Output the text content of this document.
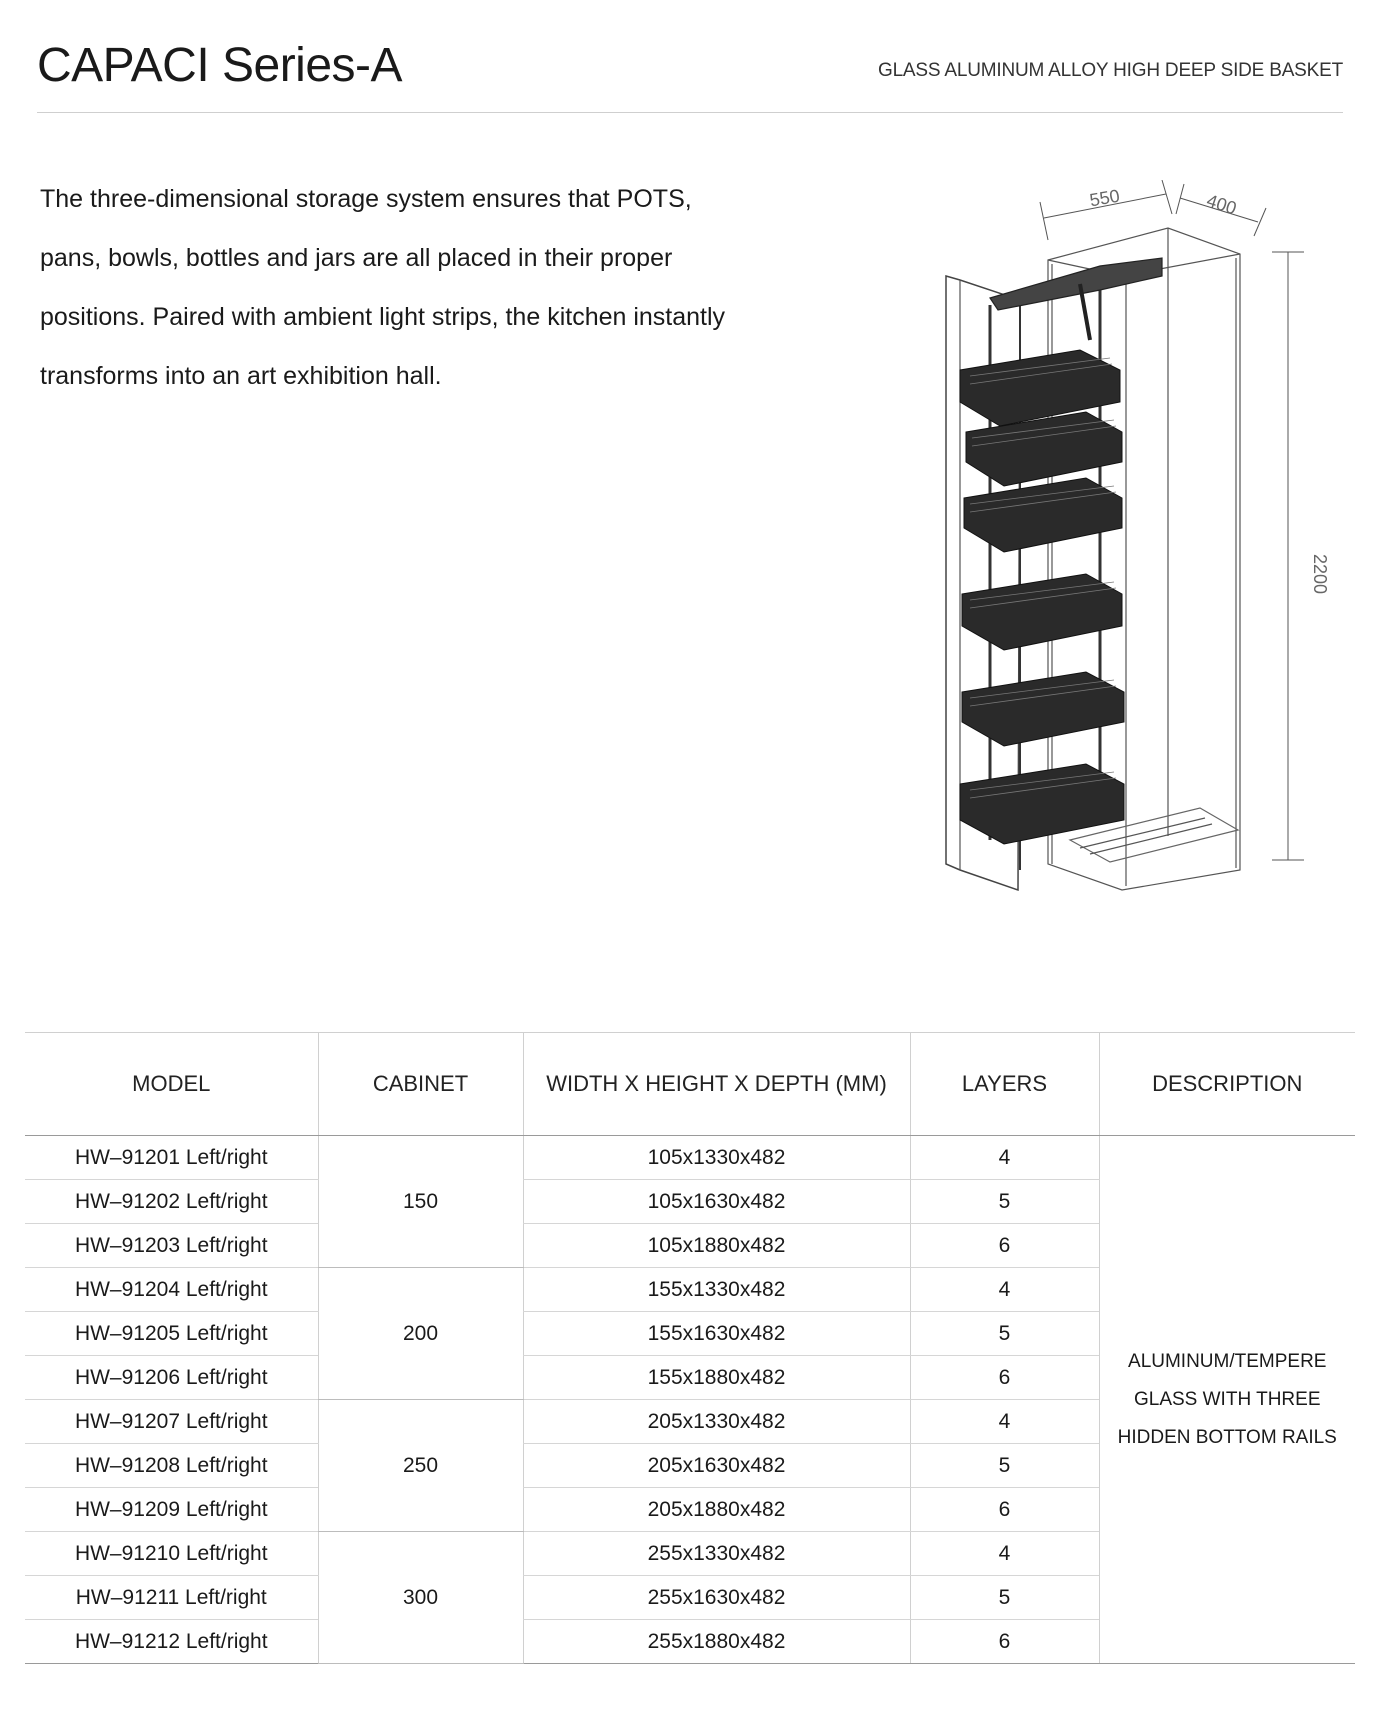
CAPACI Series-A	GLASS ALUMINUM ALLOY HIGH DEEP SIDE BASKET

The three-dimensional storage system ensures that POTS, pans, bowls, bottles and jars are all placed in their proper positions. Paired with ambient light strips, the kitchen instantly transforms into an art exhibition hall.

550	400
2200
MODEL	CABINET	WIDTH X HEIGHT X DEPTH (MM)	LAYERS	DESCRIPTION
HW–91201 Left/right	150	105x1330x482	4	ALUMINUM/TEMPERE
GLASS WITH THREE
HIDDEN BOTTOM RAILS

HW–91202 Left/right		105x1630x482	5	
HW–91203 Left/right		105x1880x482	6	
HW–91204 Left/right	200	155x1330x482	4	
HW–91205 Left/right		155x1630x482	5	
HW–91206 Left/right		155x1880x482	6	
HW–91207 Left/right	250	205x1330x482	4	
HW–91208 Left/right		205x1630x482	5	
HW–91209 Left/right		205x1880x482	6	
HW–91210 Left/right	300	255x1330x482	4	
HW–91211 Left/right		255x1630x482	5	
HW–91212 Left/right		255x1880x482	6	
